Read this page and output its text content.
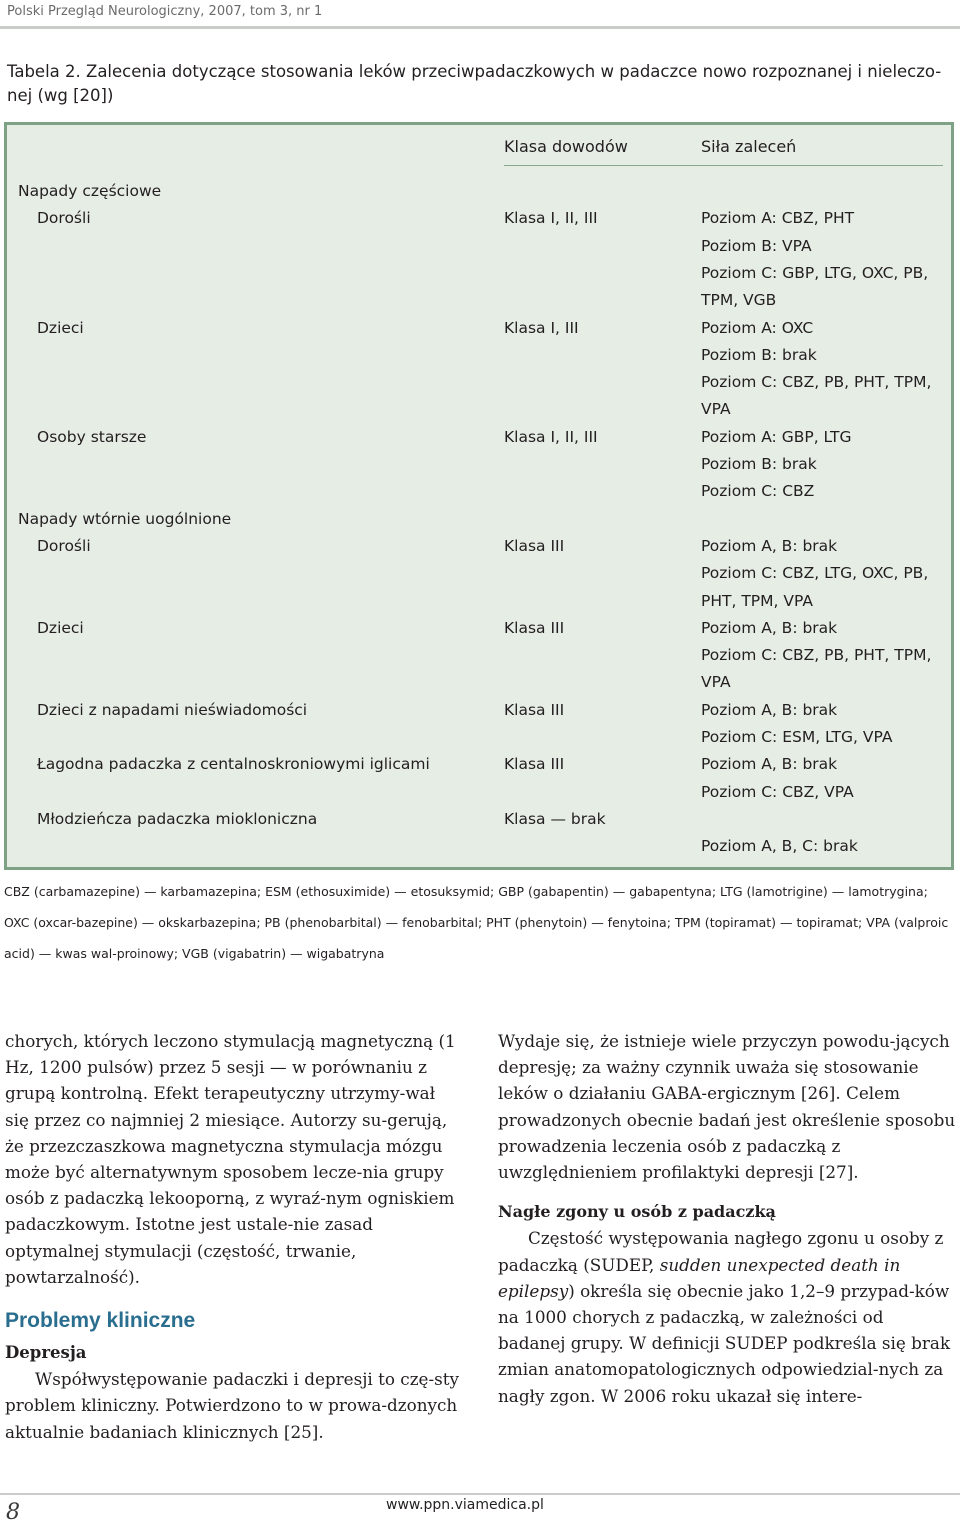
Polski Przegląd Neurologiczny, 2007, tom 3, nr 1
Tabela 2. Zalecenia dotyczące stosowania leków przeciwpadaczkowych w padaczce nowo rozpoznanej i nieleczo-nej (wg [20])
Klasa dowodów	Siła zaleceń
Napady częściowe
Dorośli	Klasa I, II, III	Poziom A: CBZ, PHT
Poziom B: VPA
Poziom C: GBP, LTG, OXC, PB,
TPM, VGB
Dzieci	Klasa I, III	Poziom A: OXC
Poziom B: brak
Poziom C: CBZ, PB, PHT, TPM,
VPA
Osoby starsze	Klasa I, II, III	Poziom A: GBP, LTG
Poziom B: brak
Poziom C: CBZ
Napady wtórnie uogólnione
Dorośli	Klasa III	Poziom A, B: brak
Poziom C: CBZ, LTG, OXC, PB,
PHT, TPM, VPA
Dzieci	Klasa III	Poziom A, B: brak
Poziom C: CBZ, PB, PHT, TPM,
VPA
Dzieci z napadami nieświadomości	Klasa III	Poziom A, B: brak
Poziom C: ESM, LTG, VPA
Łagodna padaczka z centalnoskroniowymi iglicami	Klasa III	Poziom A, B: brak
Poziom C: CBZ, VPA
Młodzieńcza padaczka miokloniczna	Klasa — brak
Poziom A, B, C: brak
CBZ (carbamazepine) — karbamazepina; ESM (ethosuximide) — etosuksymid; GBP (gabapentin) — gabapentyna; LTG (lamotrigine) — lamotrygina; OXC (oxcar-bazepine) — okskarbazepina; PB (phenobarbital) — fenobarbital; PHT (phenytoin) — fenytoina; TPM (topiramat) — topiramat; VPA (valproic acid) — kwas wal-proinowy; VGB (vigabatrin) — wigabatryna

chorych, których leczono stymulacją magnetyczną (1 Hz, 1200 pulsów) przez 5 sesji — w porównaniu z grupą kontrolną. Efekt terapeutyczny utrzymy-wał się przez co najmniej 2 miesiące. Autorzy su-gerują, że przezczaszkowa magnetyczna stymulacja mózgu może być alternatywnym sposobem lecze-nia grupy osób z padaczką lekooporną, z wyraź-nym ogniskiem padaczkowym. Istotne jest ustale-nie zasad optymalnej stymulacji (częstość, trwanie, powtarzalność).

Problemy kliniczne

Depresja

Współwystępowanie padaczki i depresji to czę-sty problem kliniczny. Potwierdzono to w prowa-dzonych aktualnie badaniach klinicznych [25].

Wydaje się, że istnieje wiele przyczyn powodu-jących depresję; za ważny czynnik uważa się stosowanie leków o działaniu GABA-ergicznym [26]. Celem prowadzonych obecnie badań jest określenie sposobu prowadzenia leczenia osób z padaczką z uwzględnieniem profilaktyki depresji [27].

Nagłe zgony u osób z padaczką

Częstość występowania nagłego zgonu u osoby z padaczką (SUDEP, sudden unexpected death in epilepsy) określa się obecnie jako 1,2–9 przypad-ków na 1000 chorych z padaczką, w zależności od badanej grupy. W definicji SUDEP podkreśla się brak zmian anatomopatologicznych odpowiedzial-nych za nagły zgon. W 2006 roku ukazał się intere-

8	www.ppn.viamedica.pl
